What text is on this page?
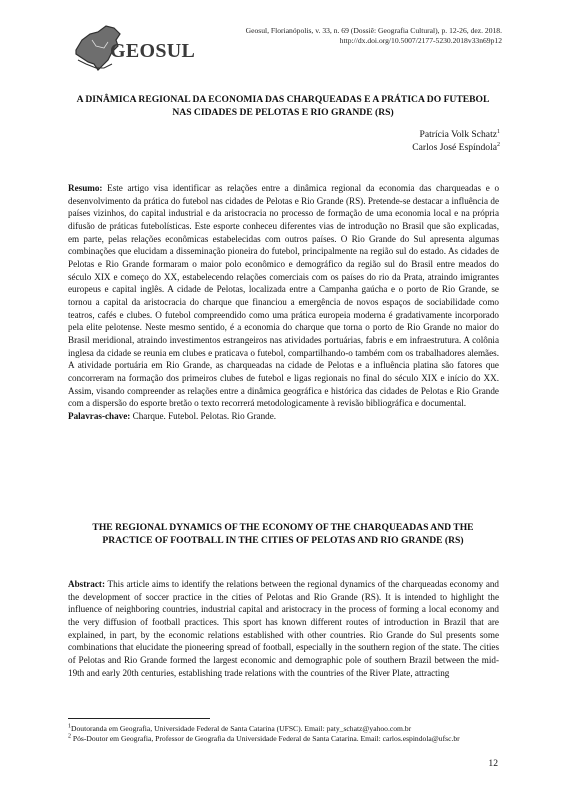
GEOSUL
Geosul, Florianópolis, v. 33, n. 69 (Dossiê: Geografia Cultural), p. 12-26, dez. 2018.
http://dx.doi.org/10.5007/2177-5230.2018v33n69p12
A DINÂMICA REGIONAL DA ECONOMIA DAS CHARQUEADAS E A PRÁTICA DO FUTEBOL NAS CIDADES DE PELOTAS E RIO GRANDE (RS)
Patrícia Volk Schatz$^1$
Carlos José Espíndola$^2$
Resumo: Este artigo visa identificar as relações entre a dinâmica regional da economia das charqueadas e o desenvolvimento da prática do futebol nas cidades de Pelotas e Rio Grande (RS). Pretende-se destacar a influência de países vizinhos, do capital industrial e da aristocracia no processo de formação de uma economia local e na própria difusão de práticas futebolísticas. Este esporte conheceu diferentes vias de introdução no Brasil que são explicadas, em parte, pelas relações econômicas estabelecidas com outros países. O Rio Grande do Sul apresenta algumas combinações que elucidam a disseminação pioneira do futebol, principalmente na região sul do estado. As cidades de Pelotas e Rio Grande formaram o maior polo econômico e demográfico da região sul do Brasil entre meados do século XIX e começo do XX, estabelecendo relações comerciais com os países do rio da Prata, atraindo imigrantes europeus e capital inglês. A cidade de Pelotas, localizada entre a Campanha gaúcha e o porto de Rio Grande, se tornou a capital da aristocracia do charque que financiou a emergência de novos espaços de sociabilidade como teatros, cafés e clubes. O futebol compreendido como uma prática europeia moderna é gradativamente incorporado pela elite pelotense. Neste mesmo sentido, é a economia do charque que torna o porto de Rio Grande no maior do Brasil meridional, atraindo investimentos estrangeiros nas atividades portuárias, fabris e em infraestrutura. A colônia inglesa da cidade se reunia em clubes e praticava o futebol, compartilhando-o também com os trabalhadores alemães. A atividade portuária em Rio Grande, as charqueadas na cidade de Pelotas e a influência platina são fatores que concorreram na formação dos primeiros clubes de futebol e ligas regionais no final do século XIX e início do XX. Assim, visando compreender as relações entre a dinâmica geográfica e histórica das cidades de Pelotas e Rio Grande com a dispersão do esporte bretão o texto recorrerá metodologicamente à revisão bibliográfica e documental.
Palavras-chave: Charque. Futebol. Pelotas. Rio Grande.
THE REGIONAL DYNAMICS OF THE ECONOMY OF THE CHARQUEADAS AND THE PRACTICE OF FOOTBALL IN THE CITIES OF PELOTAS AND RIO GRANDE (RS)
Abstract: This article aims to identify the relations between the regional dynamics of the charqueadas economy and the development of soccer practice in the cities of Pelotas and Rio Grande (RS). It is intended to highlight the influence of neighboring countries, industrial capital and aristocracy in the process of forming a local economy and the very diffusion of football practices. This sport has known different routes of introduction in Brazil that are explained, in part, by the economic relations established with other countries. Rio Grande do Sul presents some combinations that elucidate the pioneering spread of football, especially in the southern region of the state. The cities of Pelotas and Rio Grande formed the largest economic and demographic pole of southern Brazil between the mid-19th and early 20th centuries, establishing trade relations with the countries of the River Plate, attracting

$^1$Doutoranda em Geografia, Universidade Federal de Santa Catarina (UFSC). Email: paty_schatz@yahoo.com.br

$^2$ Pós-Doutor em Geografia, Professor de Geografia da Universidade Federal de Santa Catarina. Email: carlos.espindola@ufsc.br

12
